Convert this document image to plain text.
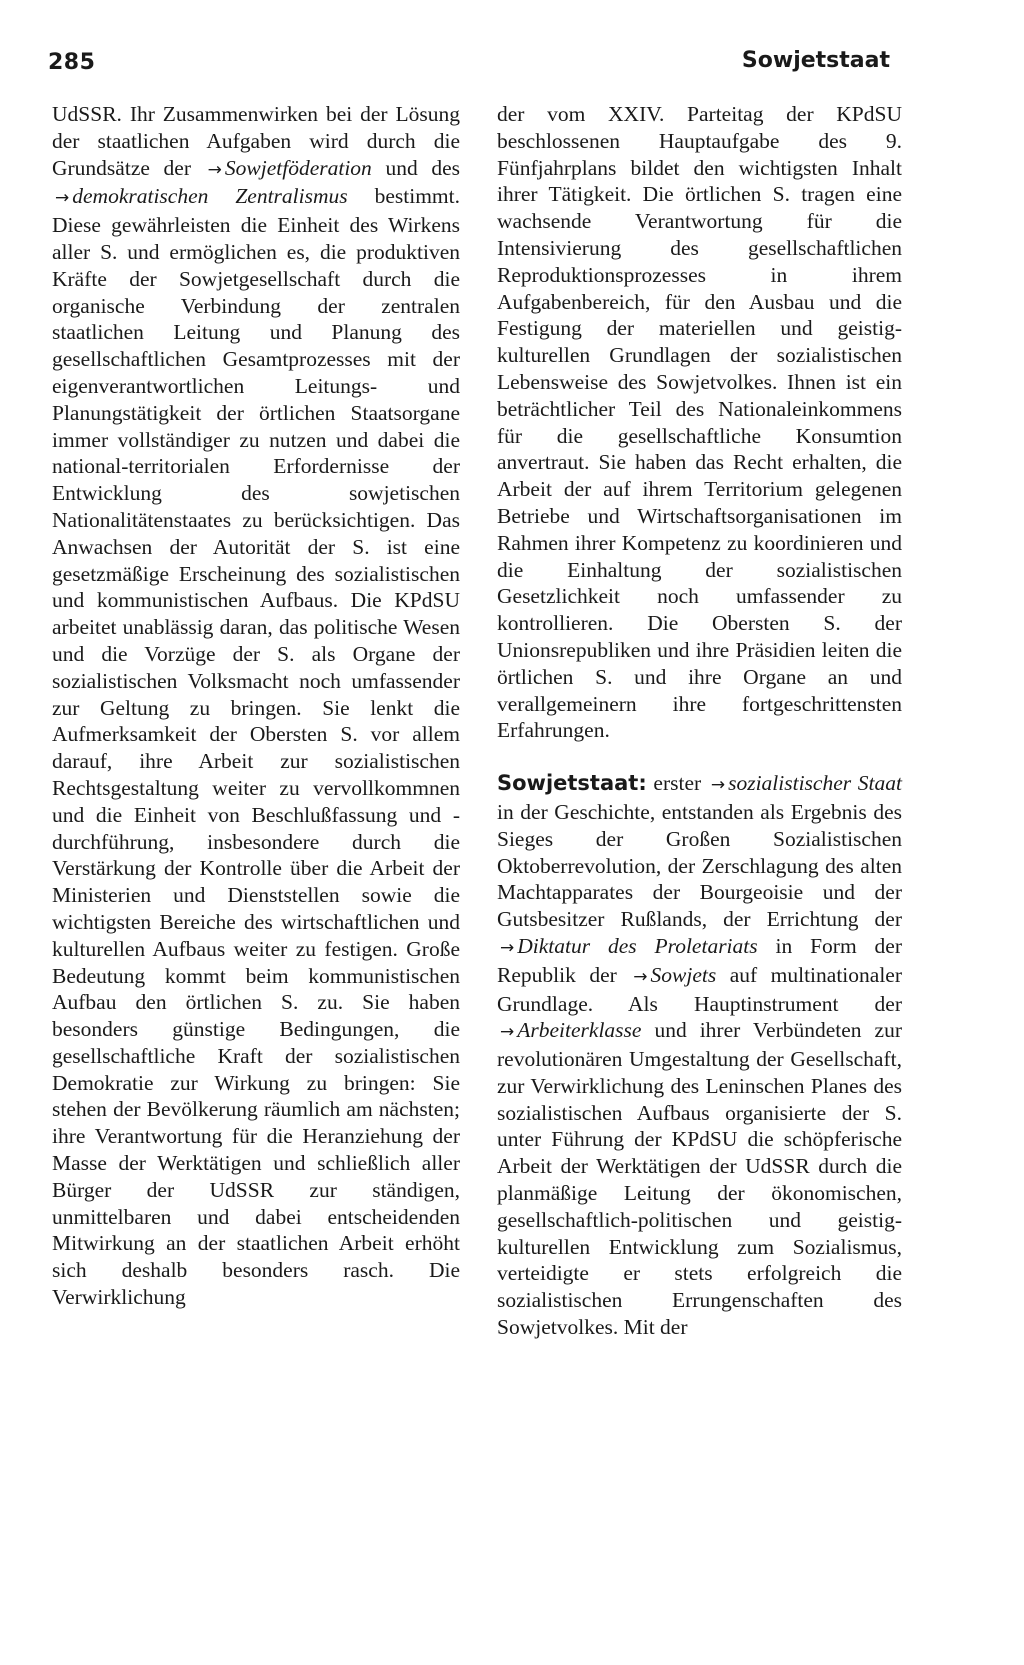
285	Sowjetstaat

UdSSR. Ihr Zusammenwirken bei der Lösung der staatlichen Aufgaben wird durch die Grundsätze der → Sowjetföderation und des → demokratischen Zentralismus bestimmt. Diese gewährleisten die Einheit des Wirkens aller S. und ermöglichen es, die produktiven Kräfte der Sowjetgesellschaft durch die organische Verbindung der zentralen staatlichen Leitung und Planung des gesellschaftlichen Gesamtprozesses mit der eigenverantwortlichen Leitungs- und Planungstätigkeit der örtlichen Staatsorgane immer vollständiger zu nutzen und dabei die national-territorialen Erfordernisse der Entwicklung des sowjetischen Nationalitätenstaates zu berücksichtigen. Das Anwachsen der Autorität der S. ist eine gesetzmäßige Erscheinung des sozialistischen und kommunistischen Aufbaus. Die KPdSU arbeitet unablässig daran, das politische Wesen und die Vorzüge der S. als Organe der sozialistischen Volksmacht noch umfassender zur Geltung zu bringen. Sie lenkt die Aufmerksamkeit der Obersten S. vor allem darauf, ihre Arbeit zur sozialistischen Rechtsgestaltung weiter zu vervollkommnen und die Einheit von Beschlußfassung und -durchführung, insbesondere durch die Verstärkung der Kontrolle über die Arbeit der Ministerien und Dienststellen sowie die wichtigsten Bereiche des wirtschaftlichen und kulturellen Aufbaus weiter zu festigen. Große Bedeutung kommt beim kommunistischen Aufbau den örtlichen S. zu. Sie haben besonders günstige Bedingungen, die gesellschaftliche Kraft der sozialistischen Demokratie zur Wirkung zu bringen: Sie stehen der Bevölkerung räumlich am nächsten; ihre Verantwortung für die Heranziehung der Masse der Werktätigen und schließlich aller Bürger der UdSSR zur ständigen, unmittelbaren und dabei entscheidenden Mitwirkung an der staatlichen Arbeit erhöht sich deshalb besonders rasch. Die Verwirklichung

der vom XXIV. Parteitag der KPdSU beschlossenen Hauptaufgabe des 9. Fünfjahrplans bildet den wichtigsten Inhalt ihrer Tätigkeit. Die örtlichen S. tragen eine wachsende Verantwortung für die Intensivierung des gesellschaftlichen Reproduktionsprozesses in ihrem Aufgabenbereich, für den Ausbau und die Festigung der materiellen und geistig-kulturellen Grundlagen der sozialistischen Lebensweise des Sowjetvolkes. Ihnen ist ein beträchtlicher Teil des Nationaleinkommens für die gesellschaftliche Konsumtion anvertraut. Sie haben das Recht erhalten, die Arbeit der auf ihrem Territorium gelegenen Betriebe und Wirtschaftsorganisationen im Rahmen ihrer Kompetenz zu koordinieren und die Einhaltung der sozialistischen Gesetzlichkeit noch umfassender zu kontrollieren. Die Obersten S. der Unionsrepubliken und ihre Präsidien leiten die örtlichen S. und ihre Organe an und verallgemeinern ihre fortgeschrittensten Erfahrungen.

Sowjetstaat: erster → sozialistischer Staat in der Geschichte, entstanden als Ergebnis des Sieges der Großen Sozialistischen Oktoberrevolution, der Zerschlagung des alten Machtapparates der Bourgeoisie und der Gutsbesitzer Rußlands, der Errichtung der → Diktatur des Proletariats in Form der Republik der → Sowjets auf multinationaler Grundlage. Als Hauptinstrument der → Arbeiterklasse und ihrer Verbündeten zur revolutionären Umgestaltung der Gesellschaft, zur Verwirklichung des Leninschen Planes des sozialistischen Aufbaus organisierte der S. unter Führung der KPdSU die schöpferische Arbeit der Werktätigen der UdSSR durch die planmäßige Leitung der ökonomischen, gesellschaftlich-politischen und geistig-kulturellen Entwicklung zum Sozialismus, verteidigte er stets erfolgreich die sozialistischen Errungenschaften des Sowjetvolkes. Mit der
